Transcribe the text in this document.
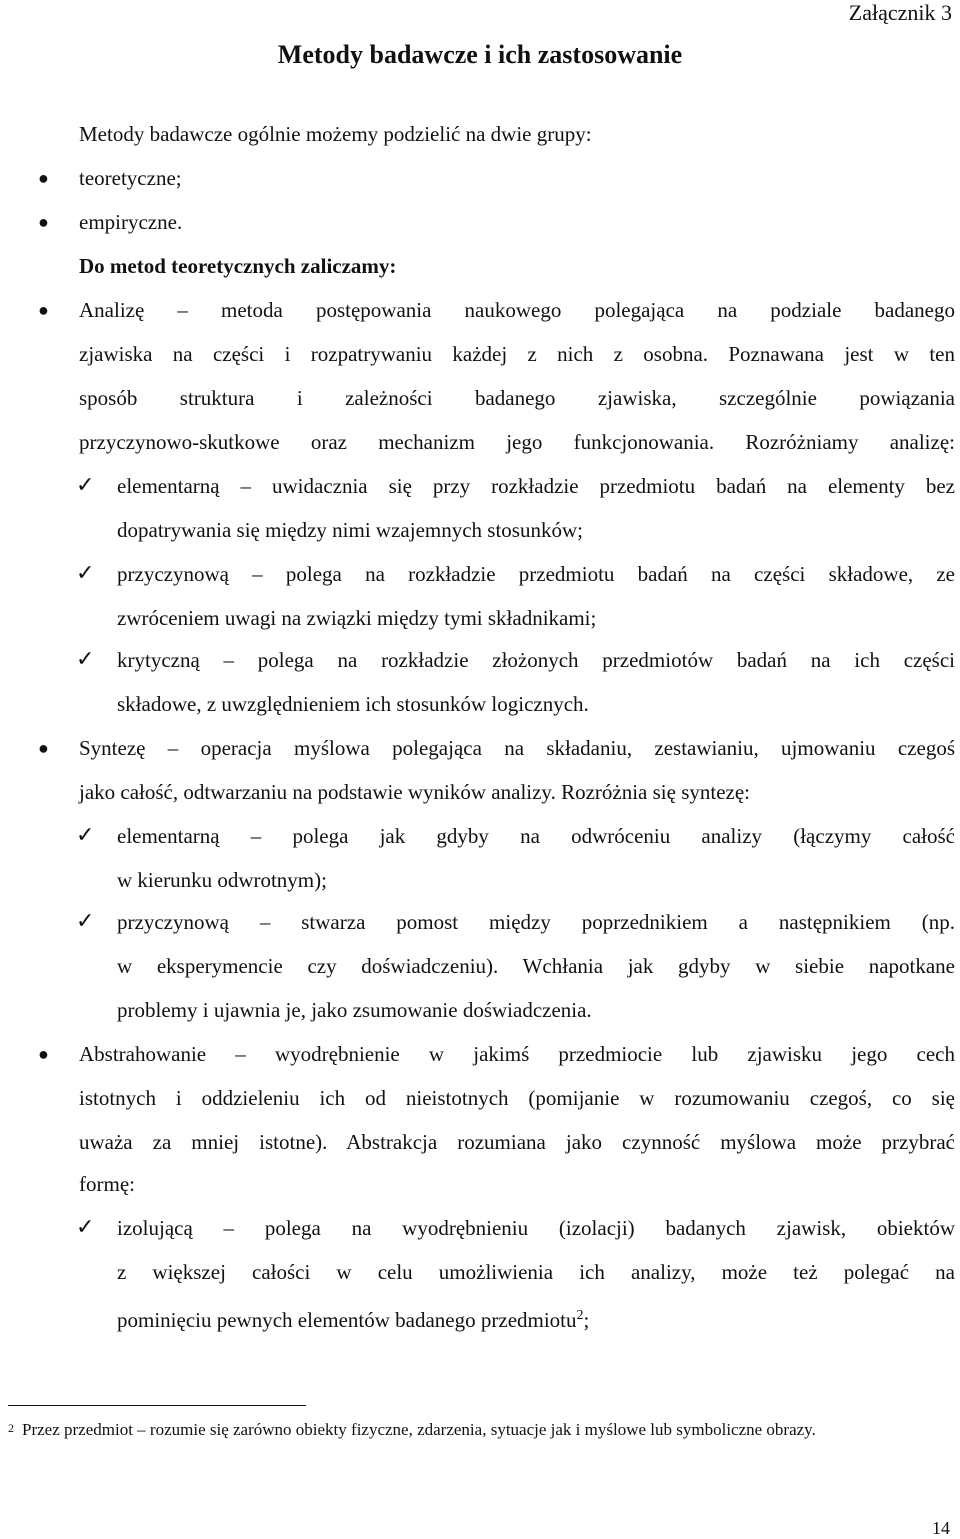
Załącznik 3
Metody badawcze i ich zastosowanie
Metody badawcze ogólnie możemy podzielić na dwie grupy:
● teoretyczne;
● empiryczne.
Do metod teoretycznych zaliczamy:
● Analizę – metoda postępowania naukowego polegająca na podziale badanego
zjawiska na części i rozpatrywaniu każdej z nich z osobna. Poznawana jest w ten
sposób struktura i zależności badanego zjawiska, szczególnie powiązania
przyczynowo-skutkowe oraz mechanizm jego funkcjonowania. Rozróżniamy analizę:
✓ elementarną – uwidacznia się przy rozkładzie przedmiotu badań na elementy bez
dopatrywania się między nimi wzajemnych stosunków;
✓ przyczynową – polega na rozkładzie przedmiotu badań na części składowe, ze
zwróceniem uwagi na związki między tymi składnikami;
✓ krytyczną – polega na rozkładzie złożonych przedmiotów badań na ich części
składowe, z uwzględnieniem ich stosunków logicznych.
● Syntezę – operacja myślowa polegająca na składaniu, zestawianiu, ujmowaniu czegoś
jako całość, odtwarzaniu na podstawie wyników analizy. Rozróżnia się syntezę:
✓ elementarną – polega jak gdyby na odwróceniu analizy (łączymy całość
w kierunku odwrotnym);
✓ przyczynową – stwarza pomost między poprzednikiem a następnikiem (np.
w eksperymencie czy doświadczeniu). Wchłania jak gdyby w siebie napotkane
problemy i ujawnia je, jako zsumowanie doświadczenia.
● Abstrahowanie – wyodrębnienie w jakimś przedmiocie lub zjawisku jego cech
istotnych i oddzieleniu ich od nieistotnych (pomijanie w rozumowaniu czegoś, co się
uważa za mniej istotne). Abstrakcja rozumiana jako czynność myślowa może przybrać
formę:
✓ izolującą – polega na wyodrębnieniu (izolacji) badanych zjawisk, obiektów
z większej całości w celu umożliwienia ich analizy, może też polegać na
pominięciu pewnych elementów badanego przedmiotu$^2$;
$^2$ Przez przedmiot – rozumie się zarówno obiekty fizyczne, zdarzenia, sytuacje jak i myślowe lub symboliczne obrazy.
14
